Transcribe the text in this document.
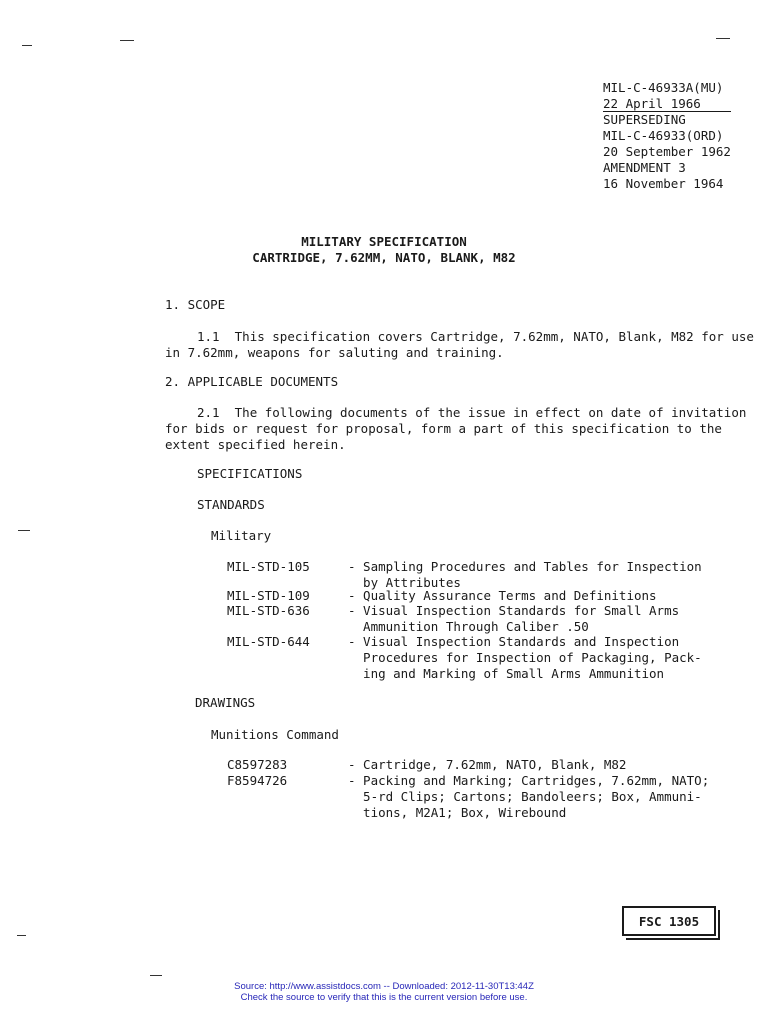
MIL-C-46933A(MU)
22 April 1966
SUPERSEDING
MIL-C-46933(ORD)
20 September 1962
AMENDMENT 3
16 November 1964
MILITARY SPECIFICATION
CARTRIDGE, 7.62MM, NATO, BLANK, M82
1. SCOPE
1.1 This specification covers Cartridge, 7.62mm, NATO, Blank, M82 for use in 7.62mm, weapons for saluting and training.
2. APPLICABLE DOCUMENTS
2.1 The following documents of the issue in effect on date of invitation for bids or request for proposal, form a part of this specification to the extent specified herein.
SPECIFICATIONS
STANDARDS
Military
MIL-STD-105	- Sampling Procedures and Tables for Inspection
by Attributes
MIL-STD-109	- Quality Assurance Terms and Definitions
MIL-STD-636	- Visual Inspection Standards for Small Arms
Ammunition Through Caliber .50
MIL-STD-644	- Visual Inspection Standards and Inspection
Procedures for Inspection of Packaging, Pack-
ing and Marking of Small Arms Ammunition
DRAWINGS
Munitions Command
C8597283	- Cartridge, 7.62mm, NATO, Blank, M82
F8594726	- Packing and Marking; Cartridges, 7.62mm, NATO;
5-rd Clips; Cartons; Bandoleers; Box, Ammuni-
tions, M2A1; Box, Wirebound
FSC 1305
Source: http://www.assistdocs.com -- Downloaded: 2012-11-30T13:44Z
Check the source to verify that this is the current version before use.
